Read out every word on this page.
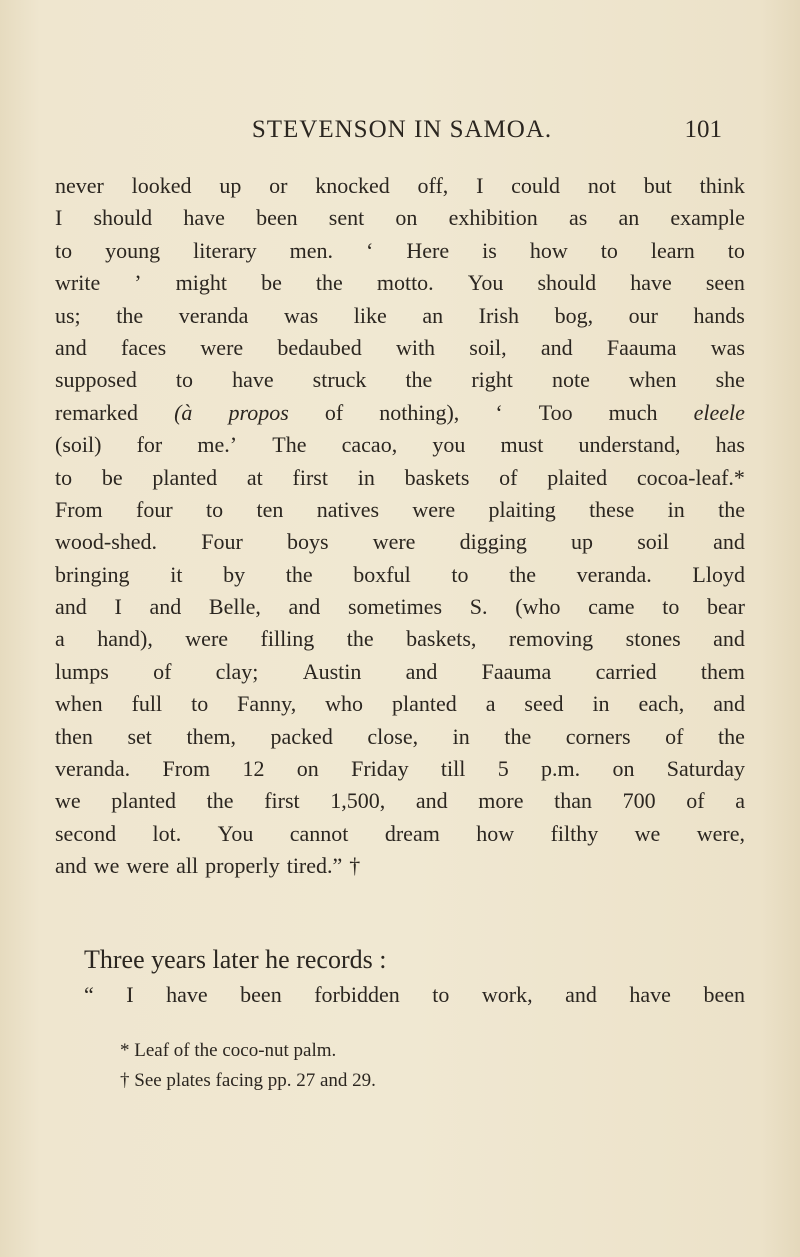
STEVENSON IN SAMOA.	101
never looked up or knocked off, I could not but think
I should have been sent on exhibition as an example
to young literary men. ‘ Here is how to learn to
write ’ might be the motto. You should have seen
us; the veranda was like an Irish bog, our hands
and faces were bedaubed with soil, and Faauma was
supposed to have struck the right note when she
remarked (à propos of nothing), ‘ Too much eleele
(soil) for me.’ The cacao, you must understand, has
to be planted at first in baskets of plaited cocoa-leaf.*
From four to ten natives were plaiting these in the
wood-shed. Four boys were digging up soil and
bringing it by the boxful to the veranda. Lloyd
and I and Belle, and sometimes S. (who came to bear
a hand), were filling the baskets, removing stones and
lumps of clay; Austin and Faauma carried them
when full to Fanny, who planted a seed in each, and
then set them, packed close, in the corners of the
veranda. From 12 on Friday till 5 p.m. on Saturday
we planted the first 1,500, and more than 700 of a
second lot. You cannot dream how filthy we were,
and we were all properly tired.” †
Three years later he records :
“ I have been forbidden to work, and have been
* Leaf of the coco-nut palm.
† See plates facing pp. 27 and 29.
